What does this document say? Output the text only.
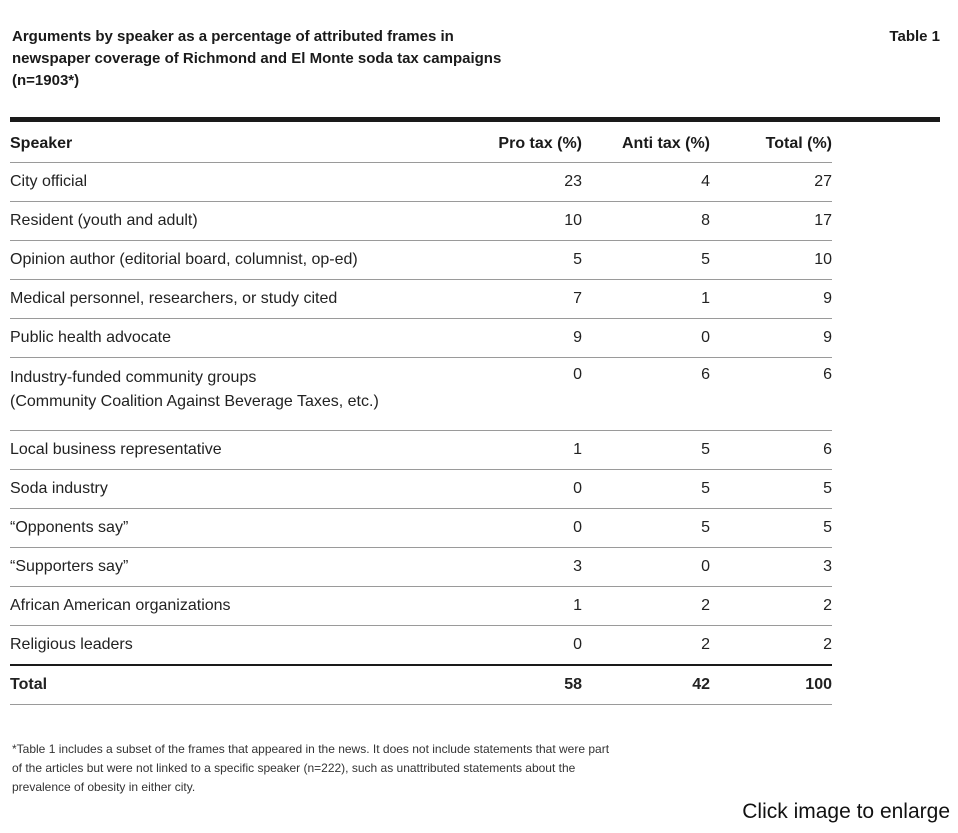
Arguments by speaker as a percentage of attributed frames in
newspaper coverage of Richmond and El Monte soda tax campaigns
(n=1903*)
Table 1
Speaker	Pro tax (%)	Anti tax (%)	Total (%)
City official	23	4	27
Resident (youth and adult)	10	8	17
Opinion author (editorial board, columnist, op-ed)	5	5	10
Medical personnel, researchers, or study cited	7	1	9
Public health advocate	9	0	9

Industry-funded community groups
(Community Coalition Against Beverage Taxes, etc.)	0	6	6
Local business representative	1	5	6
Soda industry	0	5	5
“Opponents say”	0	5	5
“Supporters say”	3	0	3
African American organizations	1	2	2
Religious leaders	0	2	2
Total	58	42	100
*Table 1 includes a subset of the frames that appeared in the news. It does not include statements that were part
of the articles but were not linked to a specific speaker (n=222), such as unattributed statements about the
prevalence of obesity in either city.
Click image to enlarge
